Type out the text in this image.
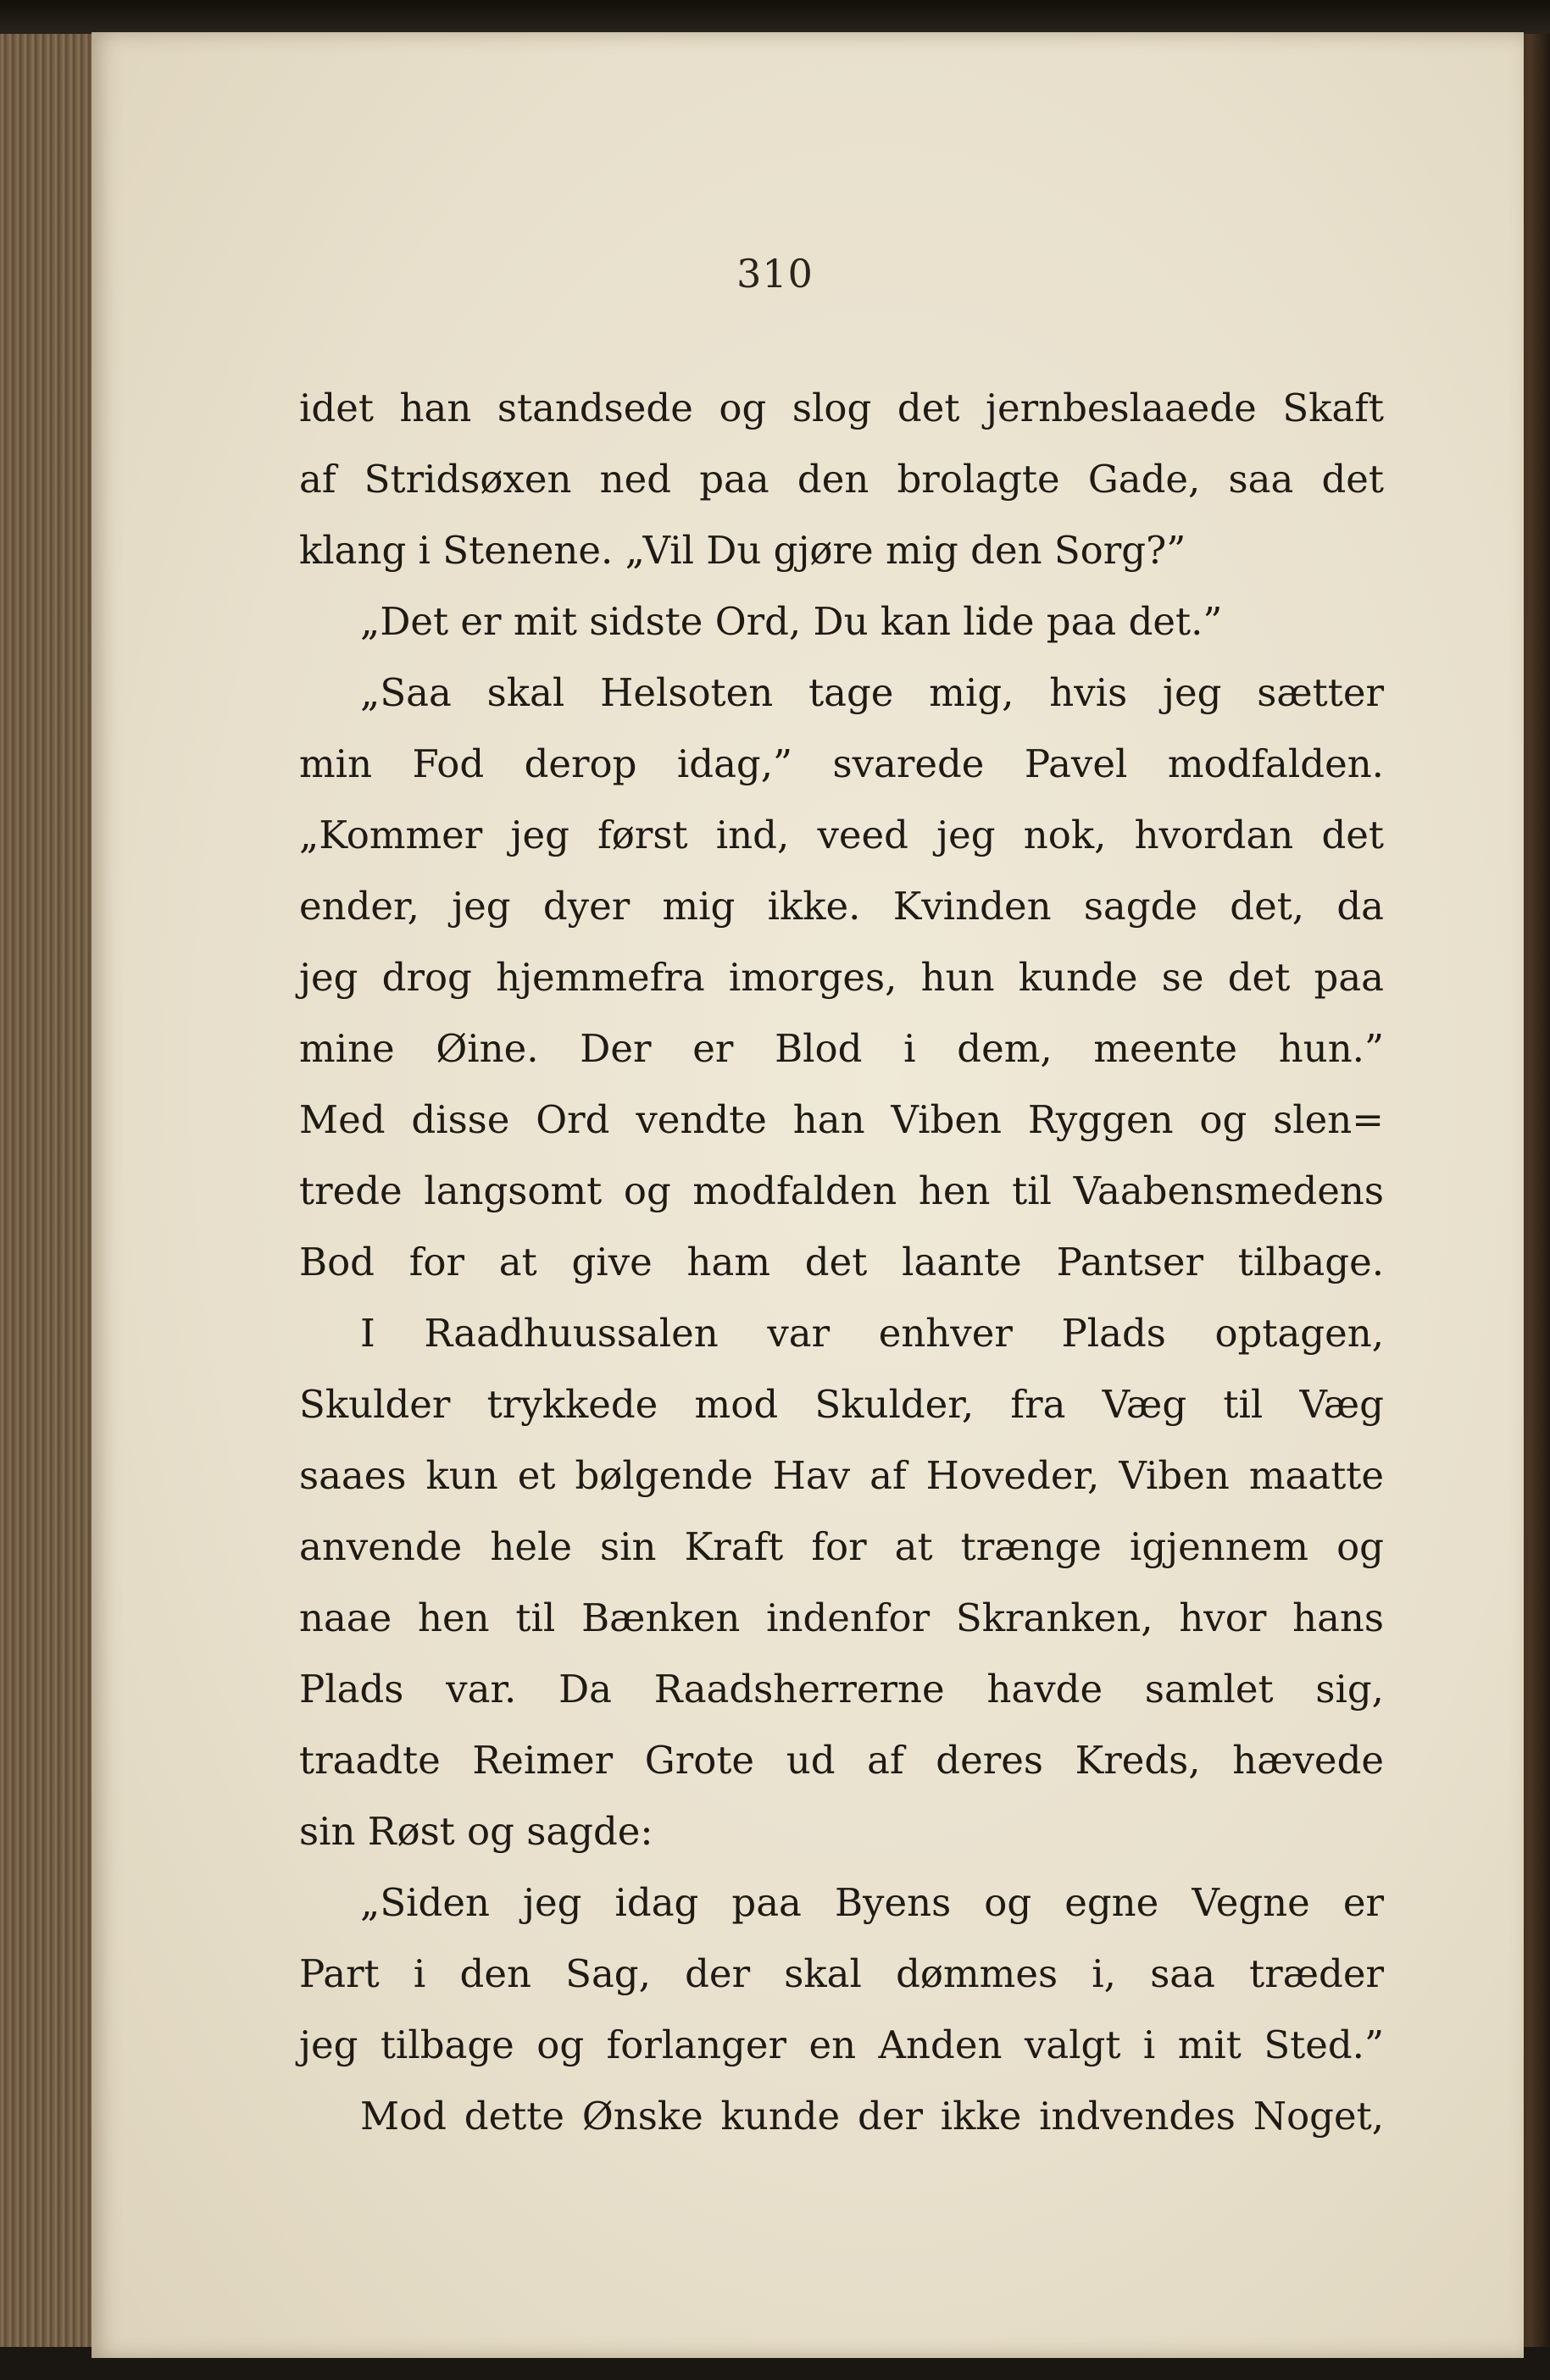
310
idet han standsede og slog det jernbeslaaede Skaft
af Stridsøxen ned paa den brolagte Gade, saa det
klang i Stenene. „Vil Du gjøre mig den Sorg?”
„Det er mit sidste Ord, Du kan lide paa det.”
„Saa skal Helsoten tage mig, hvis jeg sætter
min Fod derop idag,” svarede Pavel modfalden.
„Kommer jeg først ind, veed jeg nok, hvordan det
ender, jeg dyer mig ikke. Kvinden sagde det, da
jeg drog hjemmefra imorges, hun kunde se det paa
mine Øine. Der er Blod i dem, meente hun.”
Med disse Ord vendte han Viben Ryggen og slen=
trede langsomt og modfalden hen til Vaabensmedens
Bod for at give ham det laante Pantser tilbage.
I Raadhuussalen var enhver Plads optagen,
Skulder trykkede mod Skulder, fra Væg til Væg
saaes kun et bølgende Hav af Hoveder, Viben maatte
anvende hele sin Kraft for at trænge igjennem og
naae hen til Bænken indenfor Skranken, hvor hans
Plads var. Da Raadsherrerne havde samlet sig,
traadte Reimer Grote ud af deres Kreds, hævede
sin Røst og sagde:
„Siden jeg idag paa Byens og egne Vegne er
Part i den Sag, der skal dømmes i, saa træder
jeg tilbage og forlanger en Anden valgt i mit Sted.”
Mod dette Ønske kunde der ikke indvendes Noget,
